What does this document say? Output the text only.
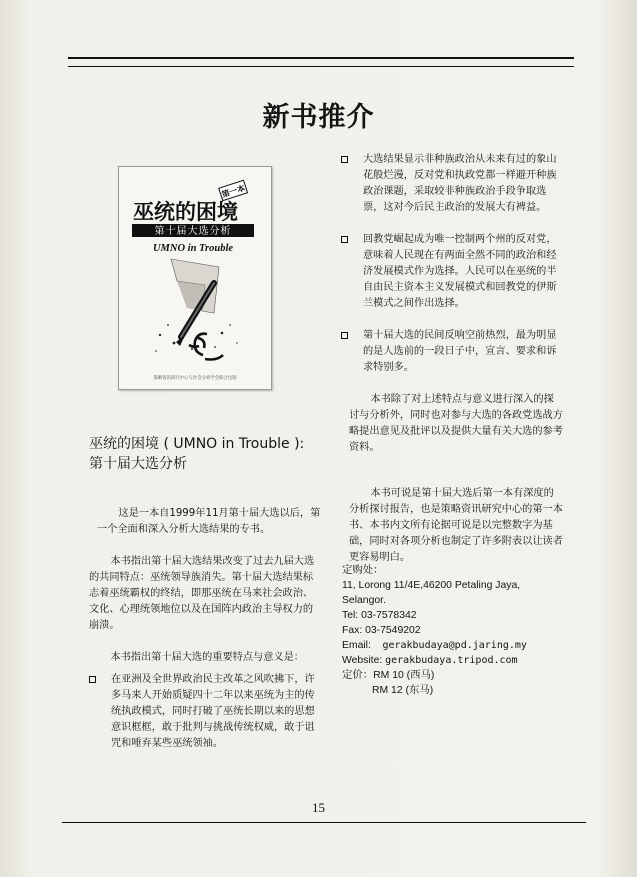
新书推介
第一本
巫统的困境
第十届大选分析
UMNO in Trouble
策略资讯研究中心与社会分析学会联合出版
巫统的困境 ( UMNO in Trouble ):
第十届大选分析

这是一本自1999年11月第十届大选以后，第一个全面和深入分析大选结果的专书。

本书指出第十届大选结果改变了过去九届大选的共同特点：巫统领导族消失。第十届大选结果标志着巫统霸权的终结，即那巫统在马来社会政治、文化、心理统领地位以及在国阵内政治主导权力的崩溃。

本书指出第十届大选的重要特点与意义是：

在亚洲及全世界政治民主改革之风吹拂下，许多马来人开始质疑四十二年以来巫统为主的传统执政模式，同时打破了巫统长期以来的思想意识框框，敢于批判与挑战传统权威，敢于诅咒和唾弃某些巫统领袖。

大选结果显示非种族政治从未来有过的象山花般烂漫，反对党和执政党都一样避开种族政治课题，采取较非种族政治手段争取选票，这对今后民主政治的发展大有裨益。

回教党崛起成为唯一控制两个州的反对党，意味着人民现在有两面全然不同的政治和经济发展模式作为选择。人民可以在巫统的半自由民主资本主义发展模式和回教党的伊斯兰模式之间作出选择。

第十届大选的民间反响空前热烈，最为明显的是人选前的一段日子中，宣言、要求和诉求特别多。

本书除了对上述特点与意义进行深入的探讨与分析外，同时也对参与大选的各政党选战方略提出意见及批评以及提供大量有关大选的参考资料。

本书可说是第十届大选后第一本有深度的分析探讨报告，也是策略资讯研究中心的第一本书、本书内文所有论据可说是以完整数字为基础，同时对各项分析也制定了许多附表以让读者更容易明白。

定购处：
11, Lorong 11/4E,46200 Petaling Jaya,
Selangor.
Tel: 03-7578342
Fax: 03-7549202
Email: gerakbudaya@pd.jaring.my
Website: gerakbudaya.tripod.com
定价：RM 10 (西马)
RM 12 (东马)
15
